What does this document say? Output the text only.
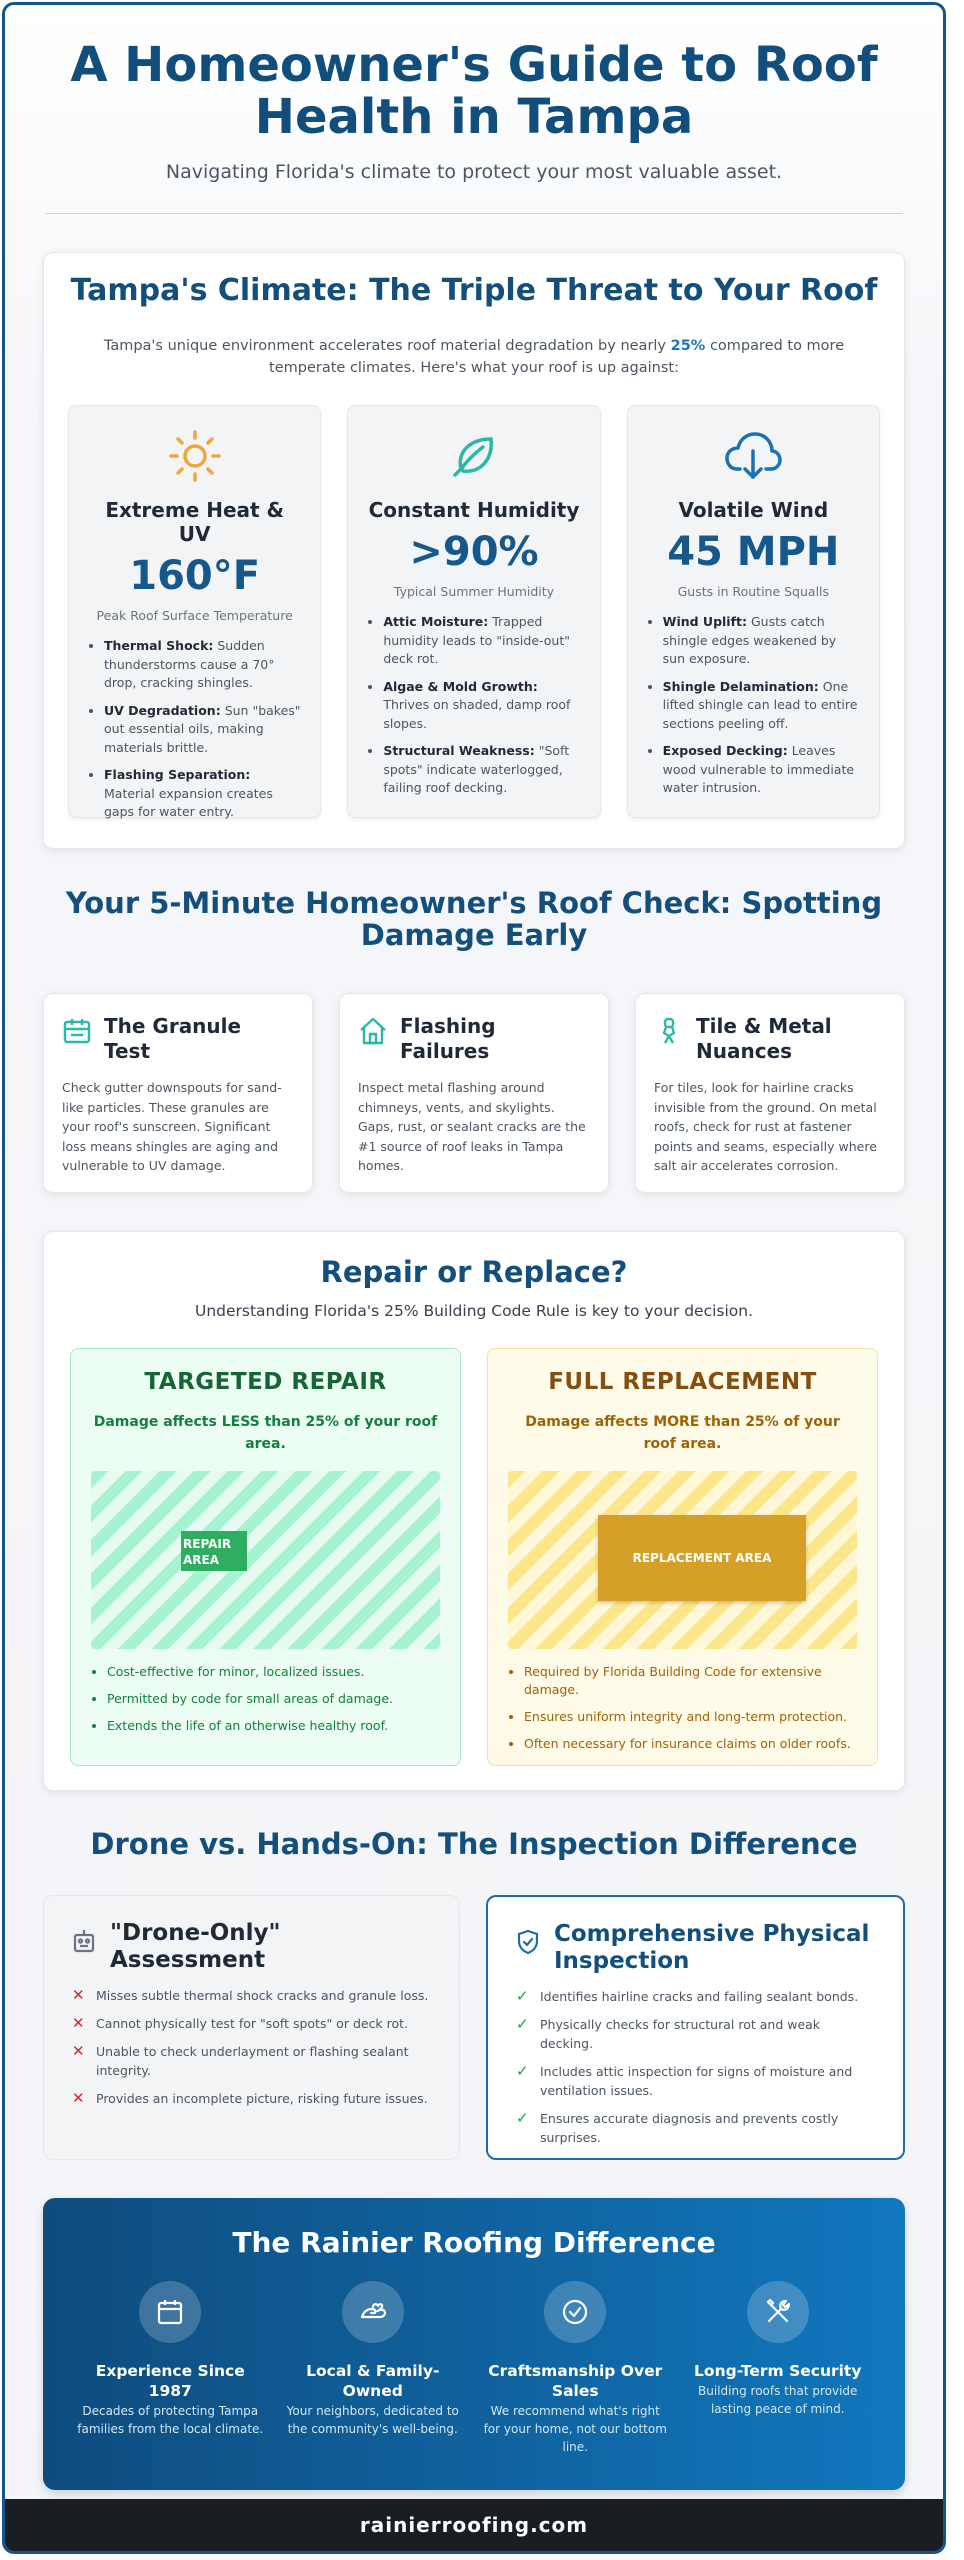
A Homeowner's Guide to Roof Health in Tampa

Navigating Florida's climate to protect your most valuable asset.

Tampa's Climate: The Triple Threat to Your Roof

Tampa's unique environment accelerates roof material degradation by nearly 25% compared to more temperate climates. Here's what your roof is up against:

Extreme Heat & UV
160°F
Peak Roof Surface Temperature
• Thermal Shock: Sudden thunderstorms cause a 70° drop, cracking shingles.
• UV Degradation: Sun "bakes" out essential oils, making materials brittle.
• Flashing Separation: Material expansion creates gaps for water entry.
Constant Humidity
>90%
Typical Summer Humidity
• Attic Moisture: Trapped humidity leads to "inside-out" deck rot.
• Algae & Mold Growth: Thrives on shaded, damp roof slopes.
• Structural Weakness: "Soft spots" indicate waterlogged, failing roof decking.
Volatile Wind
45 MPH
Gusts in Routine Squalls
• Wind Uplift: Gusts catch shingle edges weakened by sun exposure.
• Shingle Delamination: One lifted shingle can lead to entire sections peeling off.
• Exposed Decking: Leaves wood vulnerable to immediate water intrusion.
Your 5-Minute Homeowner's Roof Check: Spotting Damage Early
The Granule Test

Check gutter downspouts for sand-like particles. These granules are your roof's sunscreen. Significant loss means shingles are aging and vulnerable to UV damage.

Flashing Failures

Inspect metal flashing around chimneys, vents, and skylights. Gaps, rust, or sealant cracks are the #1 source of roof leaks in Tampa homes.

Tile & Metal Nuances

For tiles, look for hairline cracks invisible from the ground. On metal roofs, check for rust at fastener points and seams, especially where salt air accelerates corrosion.

Repair or Replace?

Understanding Florida's 25% Building Code Rule is key to your decision.

TARGETED REPAIR

Damage affects LESS than 25% of your roof area.

REPAIR AREA
• Cost-effective for minor, localized issues.
• Permitted by code for small areas of damage.
• Extends the life of an otherwise healthy roof.
FULL REPLACEMENT

Damage affects MORE than 25% of your roof area.

REPLACEMENT AREA
• Required by Florida Building Code for extensive damage.
• Ensures uniform integrity and long-term protection.
• Often necessary for insurance claims on older roofs.
Drone vs. Hands-On: The Inspection Difference
"Drone-Only" Assessment
✕ Misses subtle thermal shock cracks and granule loss.
✕ Cannot physically test for "soft spots" or deck rot.
✕ Unable to check underlayment or flashing sealant integrity.
✕ Provides an incomplete picture, risking future issues.
Comprehensive Physical Inspection
✓ Identifies hairline cracks and failing sealant bonds.
✓ Physically checks for structural rot and weak decking.
✓ Includes attic inspection for signs of moisture and ventilation issues.
✓ Ensures accurate diagnosis and prevents costly surprises.
The Rainier Roofing Difference
Experience Since 1987

Decades of protecting Tampa families from the local climate.

Local & Family-Owned

Your neighbors, dedicated to the community's well-being.

Craftsmanship Over Sales

We recommend what's right for your home, not our bottom line.

Long-Term Security

Building roofs that provide lasting peace of mind.

rainierroofing.com
